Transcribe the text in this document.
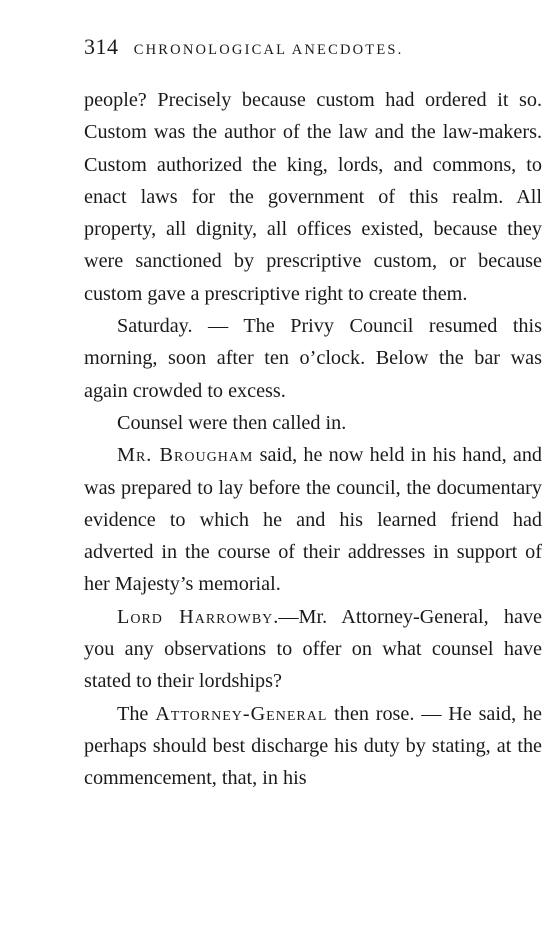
314 CHRONOLOGICAL ANECDOTES.

people? Precisely because custom had ordered it so. Custom was the author of the law and the law-makers. Custom authorized the king, lords, and commons, to enact laws for the government of this realm. All property, all dignity, all offices existed, because they were sanctioned by prescriptive custom, or because custom gave a prescriptive right to create them.

Saturday. — The Privy Council resumed this morning, soon after ten o’clock. Below the bar was again crowded to excess.

Counsel were then called in.

Mr. Brougham said, he now held in his hand, and was prepared to lay before the council, the documentary evidence to which he and his learned friend had adverted in the course of their addresses in support of her Majesty’s memorial.

Lord Harrowby.—Mr. Attorney-General, have you any observations to offer on what counsel have stated to their lordships?

The Attorney-General then rose. — He said, he perhaps should best discharge his duty by stating, at the commencement, that, in his
